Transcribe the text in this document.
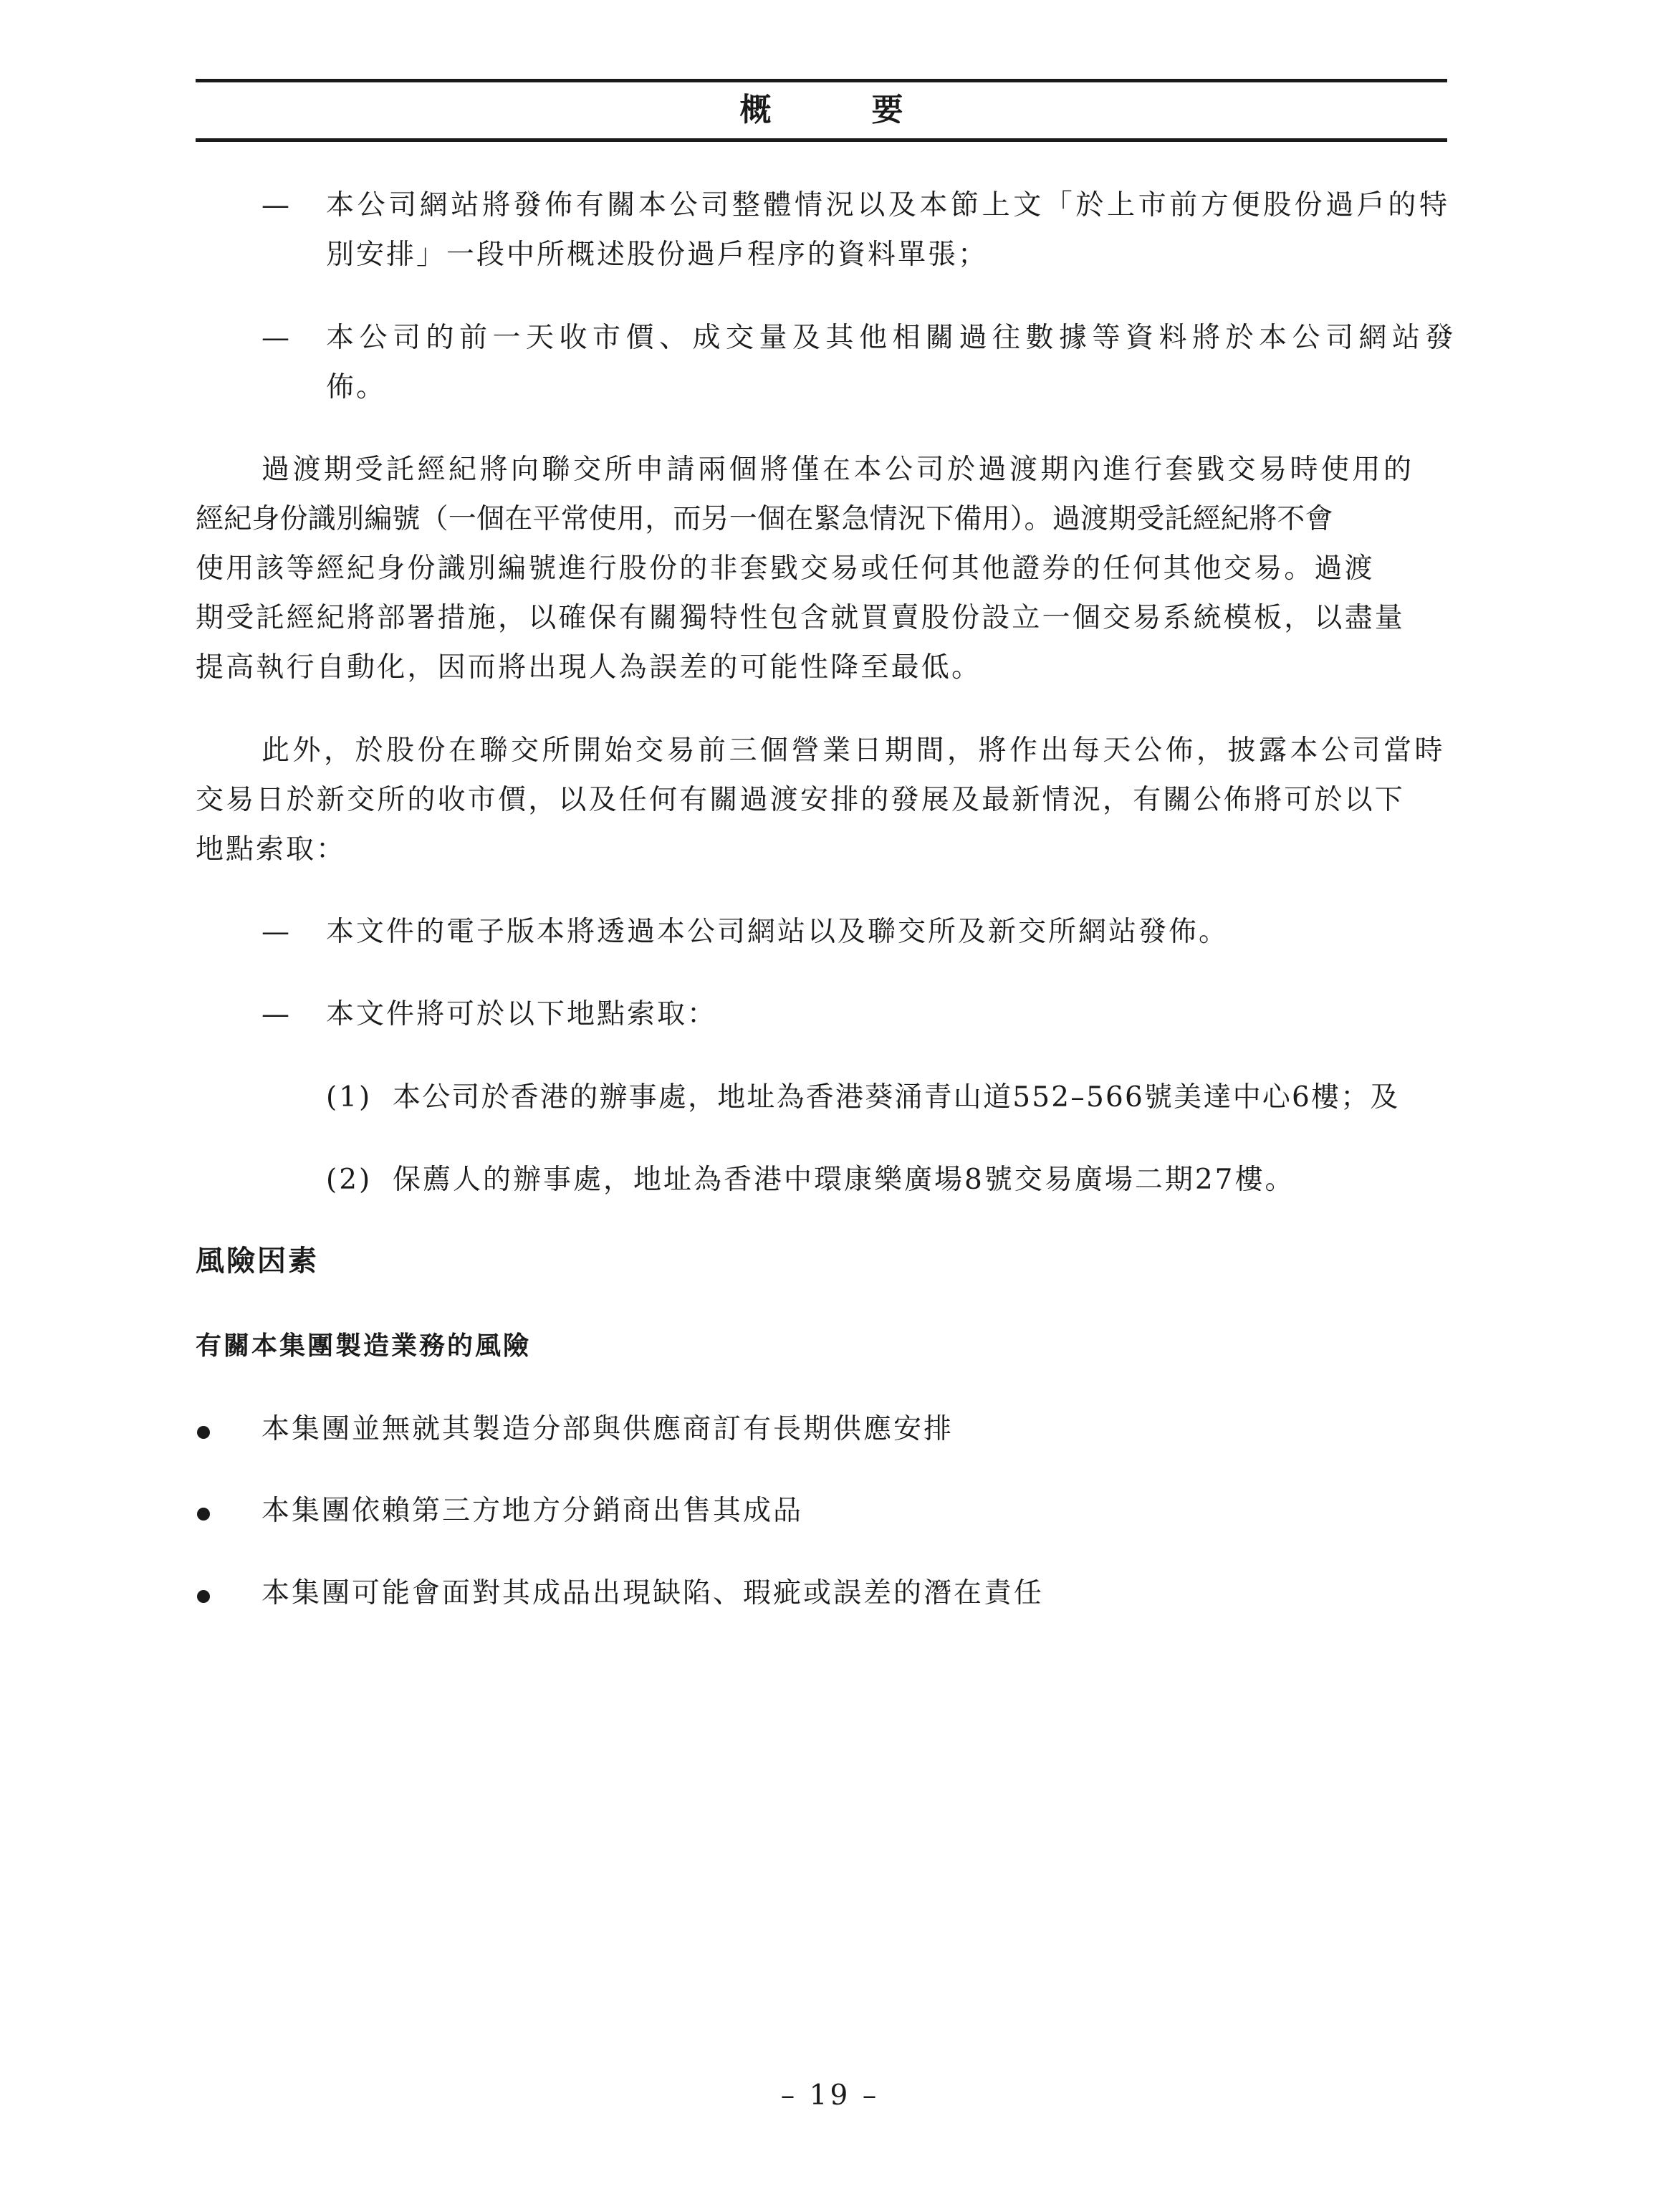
概　要
— 本公司網站將發佈有關本公司整體情況以及本節上文「於上市前方便股份過戶的特
別安排」一段中所概述股份過戶程序的資料單張；
— 本公司的前一天收市價、成交量及其他相關過往數據等資料將於本公司網站發
佈。
過渡期受託經紀將向聯交所申請兩個將僅在本公司於過渡期內進行套戥交易時使用的
經紀身份識別編號（一個在平常使用，而另一個在緊急情況下備用）。過渡期受託經紀將不會
使用該等經紀身份識別編號進行股份的非套戥交易或任何其他證券的任何其他交易。過渡
期受託經紀將部署措施，以確保有關獨特性包含就買賣股份設立一個交易系統模板，以盡量
提高執行自動化，因而將出現人為誤差的可能性降至最低。
此外，於股份在聯交所開始交易前三個營業日期間，將作出每天公佈，披露本公司當時
交易日於新交所的收市價，以及任何有關過渡安排的發展及最新情況，有關公佈將可於以下
地點索取：
— 本文件的電子版本將透過本公司網站以及聯交所及新交所網站發佈。
— 本文件將可於以下地點索取：
(1) 本公司於香港的辦事處，地址為香港葵涌青山道552–566號美達中心6樓；及
(2) 保薦人的辦事處，地址為香港中環康樂廣場8號交易廣場二期27樓。
風險因素
有關本集團製造業務的風險
本集團並無就其製造分部與供應商訂有長期供應安排
本集團依賴第三方地方分銷商出售其成品
本集團可能會面對其成品出現缺陷、瑕疵或誤差的潛在責任
– 19 –
